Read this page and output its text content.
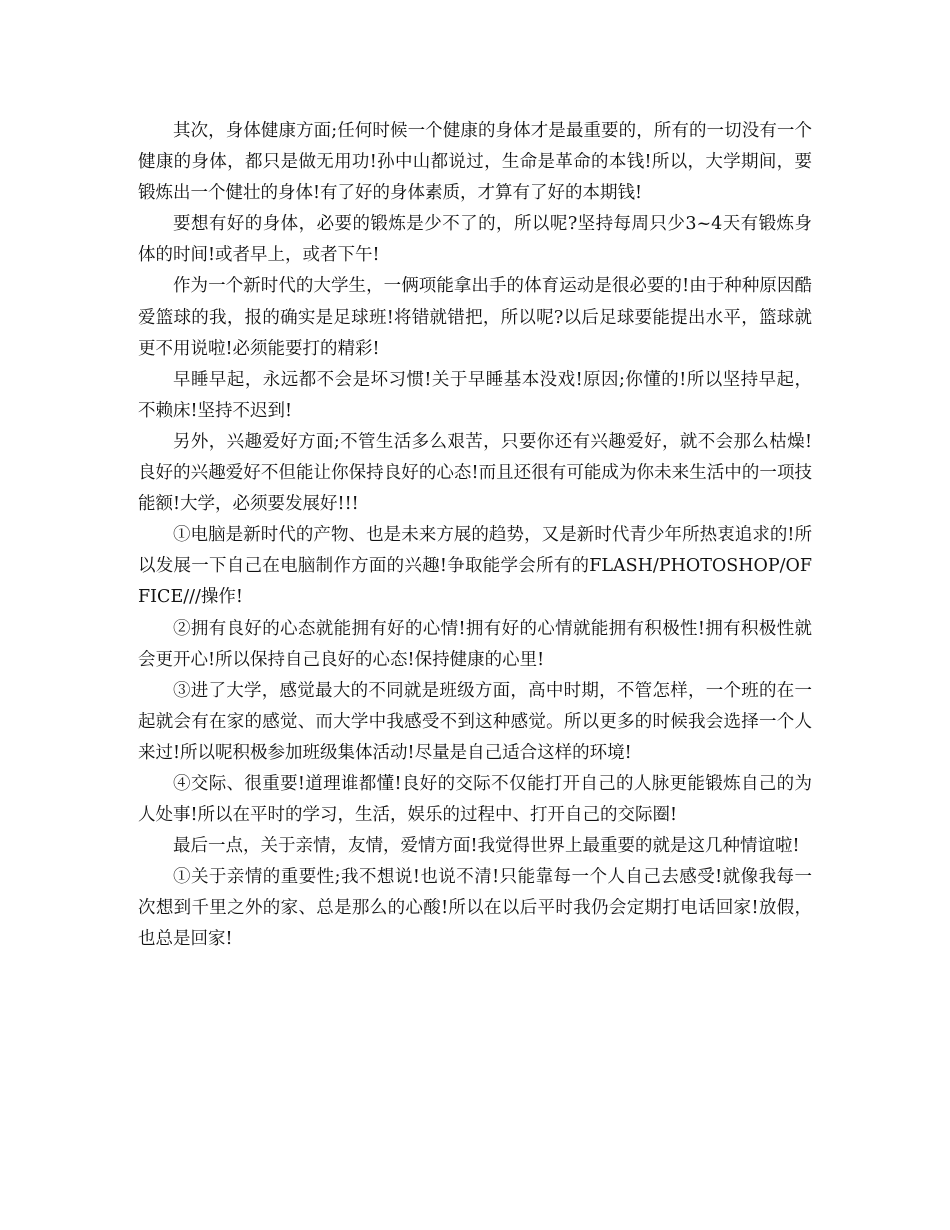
其次，身体健康方面;任何时候一个健康的身体才是最重要的，所有的一切没有一个健康的身体，都只是做无用功!孙中山都说过，生命是革命的本钱!所以，大学期间，要锻炼出一个健壮的身体!有了好的身体素质，才算有了好的本期钱!

要想有好的身体，必要的锻炼是少不了的，所以呢?坚持每周只少3~4天有锻炼身体的时间!或者早上，或者下午!

作为一个新时代的大学生，一俩项能拿出手的体育运动是很必要的!由于种种原因酷爱篮球的我，报的确实是足球班!将错就错把，所以呢?以后足球要能提出水平，篮球就更不用说啦!必须能要打的精彩!

早睡早起，永远都不会是坏习惯!关于早睡基本没戏!原因;你懂的!所以坚持早起，不赖床!坚持不迟到!

另外，兴趣爱好方面;不管生活多么艰苦，只要你还有兴趣爱好，就不会那么枯燥!良好的兴趣爱好不但能让你保持良好的心态!而且还很有可能成为你未来生活中的一项技能额!大学，必须要发展好!!!

①电脑是新时代的产物、也是未来方展的趋势，又是新时代青少年所热衷追求的!所以发展一下自己在电脑制作方面的兴趣!争取能学会所有的FLASH/PHOTOSHOP/OFFICE///操作!

②拥有良好的心态就能拥有好的心情!拥有好的心情就能拥有积极性!拥有积极性就会更开心!所以保持自己良好的心态!保持健康的心里!

③进了大学，感觉最大的不同就是班级方面，高中时期，不管怎样，一个班的在一起就会有在家的感觉、而大学中我感受不到这种感觉。所以更多的时候我会选择一个人来过!所以呢积极参加班级集体活动!尽量是自己适合这样的环境!

④交际、很重要!道理谁都懂!良好的交际不仅能打开自己的人脉更能锻炼自己的为人处事!所以在平时的学习，生活，娱乐的过程中、打开自己的交际圈!

最后一点，关于亲情，友情，爱情方面!我觉得世界上最重要的就是这几种情谊啦!

①关于亲情的重要性;我不想说!也说不清!只能靠每一个人自己去感受!就像我每一次想到千里之外的家、总是那么的心酸!所以在以后平时我仍会定期打电话回家!放假，也总是回家!
